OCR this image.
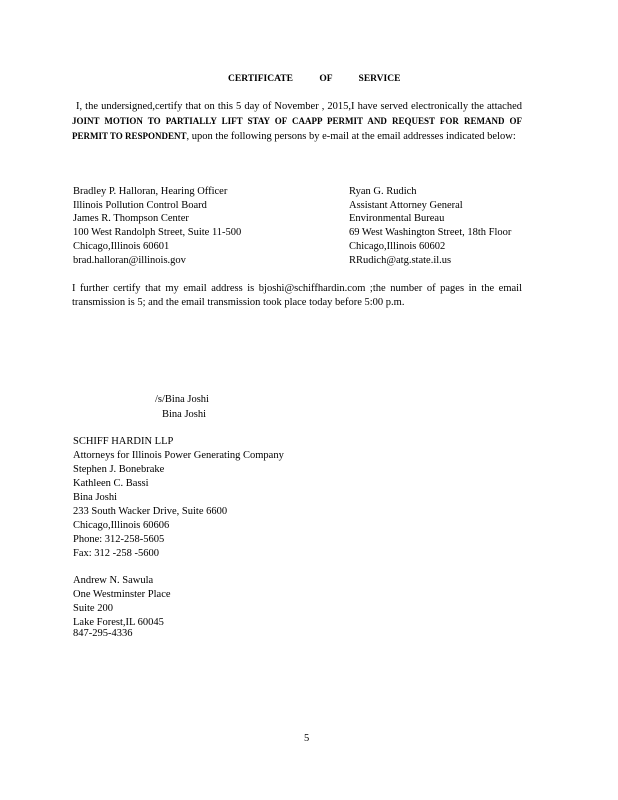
CERTIFICATE OF SERVICE
I, the undersigned,certify that on this 5 day of November , 2015,I have served electronically the attached JOINT MOTION TO PARTIALLY LIFT STAY OF CAAPP PERMIT AND REQUEST FOR REMAND OF PERMIT TO RESPONDENT, upon the following persons by e-mail at the email addresses indicated below:
Bradley P. Halloran, Hearing Officer
Illinois Pollution Control Board
James R. Thompson Center
100 West Randolph Street, Suite 11-500
Chicago,Illinois 60601
brad.halloran@illinois.gov
Ryan G. Rudich
Assistant Attorney General
Environmental Bureau
69 West Washington Street, 18th Floor
Chicago,Illinois 60602
RRudich@atg.state.il.us
I further certify that my email address is bjoshi@schiffhardin.com ;the number of pages in the email transmission is 5; and the email transmission took place today before 5:00 p.m.
/s/Bina Joshi
Bina Joshi
SCHIFF HARDIN LLP
Attorneys for Illinois Power Generating Company
Stephen J. Bonebrake
Kathleen C. Bassi
Bina Joshi
233 South Wacker Drive, Suite 6600
Chicago,Illinois 60606
Phone: 312-258-5605
Fax: 312 -258 -5600
Andrew N. Sawula
One Westminster Place
Suite 200
Lake Forest,IL 60045
847-295-4336
5
